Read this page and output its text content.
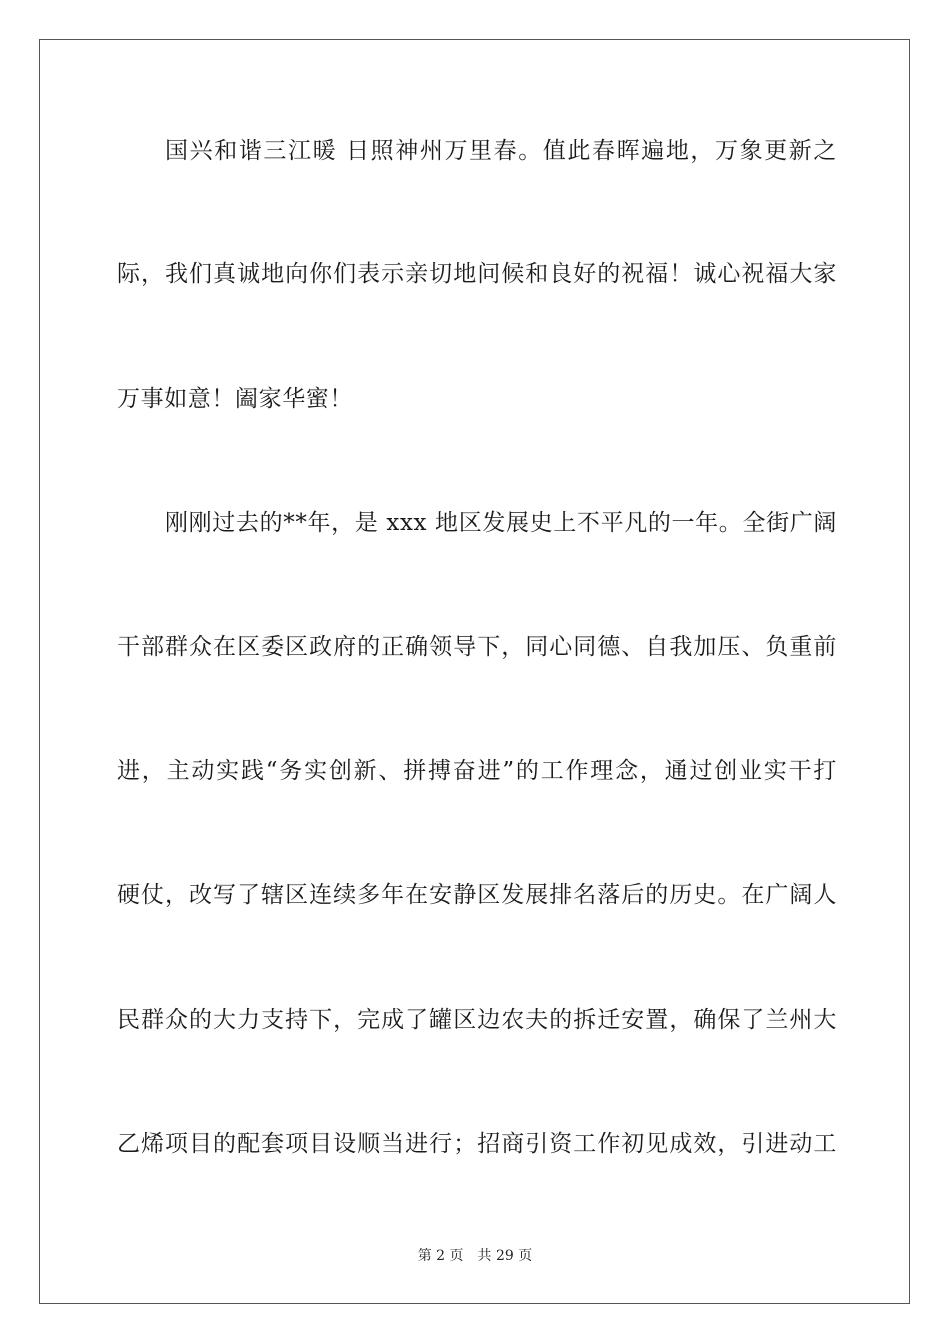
国兴和谐三江暖 日照神州万里春。值此春晖遍地，万象更新之
际，我们真诚地向你们表示亲切地问候和良好的祝福！诚心祝福大家
万事如意！阖家华蜜！
刚刚过去的**年，是 xxx 地区发展史上不平凡的一年。全街广阔
干部群众在区委区政府的正确领导下，同心同德、自我加压、负重前
进，主动实践“务实创新、拼搏奋进”的工作理念，通过创业实干打
硬仗，改写了辖区连续多年在安静区发展排名落后的历史。在广阔人
民群众的大力支持下，完成了罐区边农夫的拆迁安置，确保了兰州大
乙烯项目的配套项目设顺当进行；招商引资工作初见成效，引进动工
第 2 页 共 29 页
